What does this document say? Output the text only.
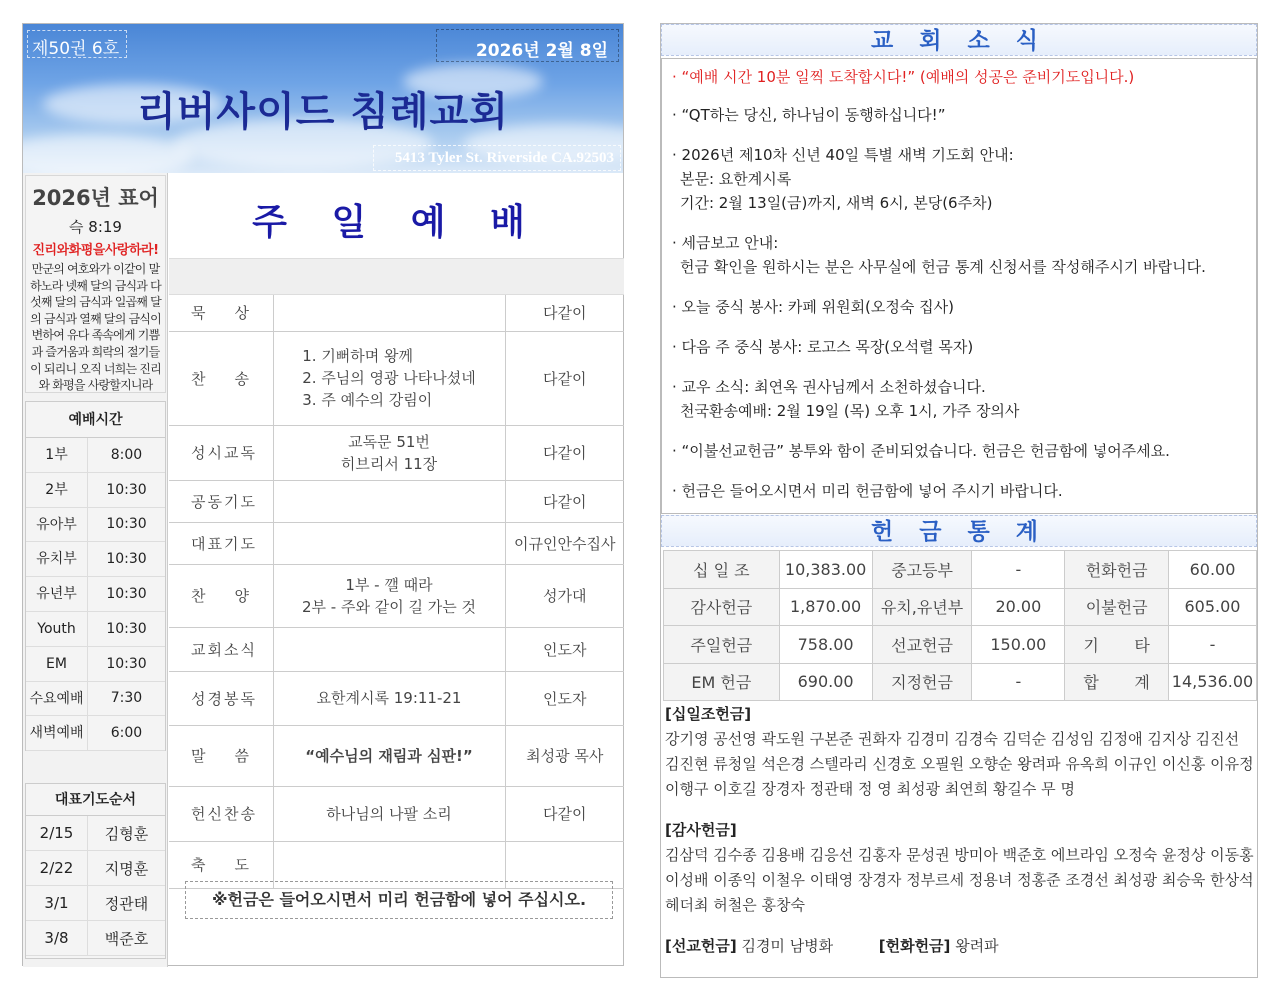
제50권 6호	2026년 2월 8일
리버사이드 침례교회
5413 Tyler St. Riverside CA.92503
2026년 표어
슥 8:19
진리와화평을사랑하라!
만군의 여호와가 이같이 말하노라 넷째 달의 금식과 다섯째 달의 금식과 일곱째 달의 금식과 열째 달의 금식이 변하여 유다 족속에게 기쁨과 즐거움과 희락의 절기들이 되리니 오직 너희는 진리와 화평을 사랑할지니라
예배시간
1부	8:00
2부	10:30
유아부	10:30
유치부	10:30
유년부	10:30
Youth	10:30
EM	10:30
수요예배	7:30
새벽예배	6:00
대표기도순서
2/15	김형훈
2/22	지명훈
3/1	정관태
3/8	백준호
주 일 예 배
묵    상		다같이
찬    송	1. 기뻐하며 왕께
2. 주님의 영광 나타나셨네
3. 주 예수의 강림이	다같이
성시교독	교독문 51번
히브리서 11장	다같이
공동기도		다같이
대표기도		이규인안수집사
찬    양	1부 - 깰 때라
2부 - 주와 같이 길 가는 것	성가대
교회소식		인도자
성경봉독	요한계시록 19:11-21	인도자
말    씀	“예수님의 재림과 심판!”	최성광 목사
헌신찬송	하나님의 나팔 소리	다같이
축    도	

※헌금은 들어오시면서 미리 헌금함에 넣어 주십시오.
교 회 소 식
· “예배 시간 10분 일찍 도착합시다!” (예배의 성공은 준비기도입니다.)
· “QT하는 당신, 하나님이 동행하십니다!”
· 2026년 제10차 신년 40일 특별 새벽 기도회 안내:
본문: 요한계시록
기간: 2월 13일(금)까지, 새벽 6시, 본당(6주차)
· 세금보고 안내:
헌금 확인을 원하시는 분은 사무실에 헌금 통계 신청서를 작성해주시기 바랍니다.
· 오늘 중식 봉사: 카페 위원회(오정숙 집사)
· 다음 주 중식 봉사: 로고스 목장(오석렬 목자)
· 교우 소식: 최연옥 권사님께서 소천하셨습니다.
천국환송예배: 2월 19일 (목) 오후 1시, 가주 장의사
· “이불선교헌금” 봉투와 함이 준비되었습니다. 헌금은 헌금함에 넣어주세요.
· 헌금은 들어오시면서 미리 헌금함에 넣어 주시기 바랍니다.
헌 금 통 계
십 일 조	10,383.00	중고등부	-	헌화헌금	60.00
감사헌금	1,870.00	유치,유년부	20.00	이불헌금	605.00
주일헌금	758.00	선교헌금	150.00	기       타	-
EM 헌금	690.00	지정헌금	-	합       계	14,536.00
[십일조헌금]
강기영 공선영 곽도원 구본준 권화자 김경미 김경숙 김덕순 김성임 김정애 김지상 김진선 김진현 류청일 석은경 스텔라리 신경호 오필원 오향순 왕려파 유옥희 이규인 이신홍 이유정 이행구 이호길 장경자 정관태 정 영 최성광 최연희 황길수 무 명
[감사헌금]
김삼덕 김수종 김용배 김응선 김홍자 문성권 방미아 백준호 에브라임 오정숙 윤정상 이동홍 이성배 이종익 이철우 이태영 장경자 정부르세 정용녀 정홍준 조경선 최성광 최승욱 한상석 헤더최 허철은 홍창숙
[선교헌금] 김경미 남병화	[헌화헌금] 왕려파
